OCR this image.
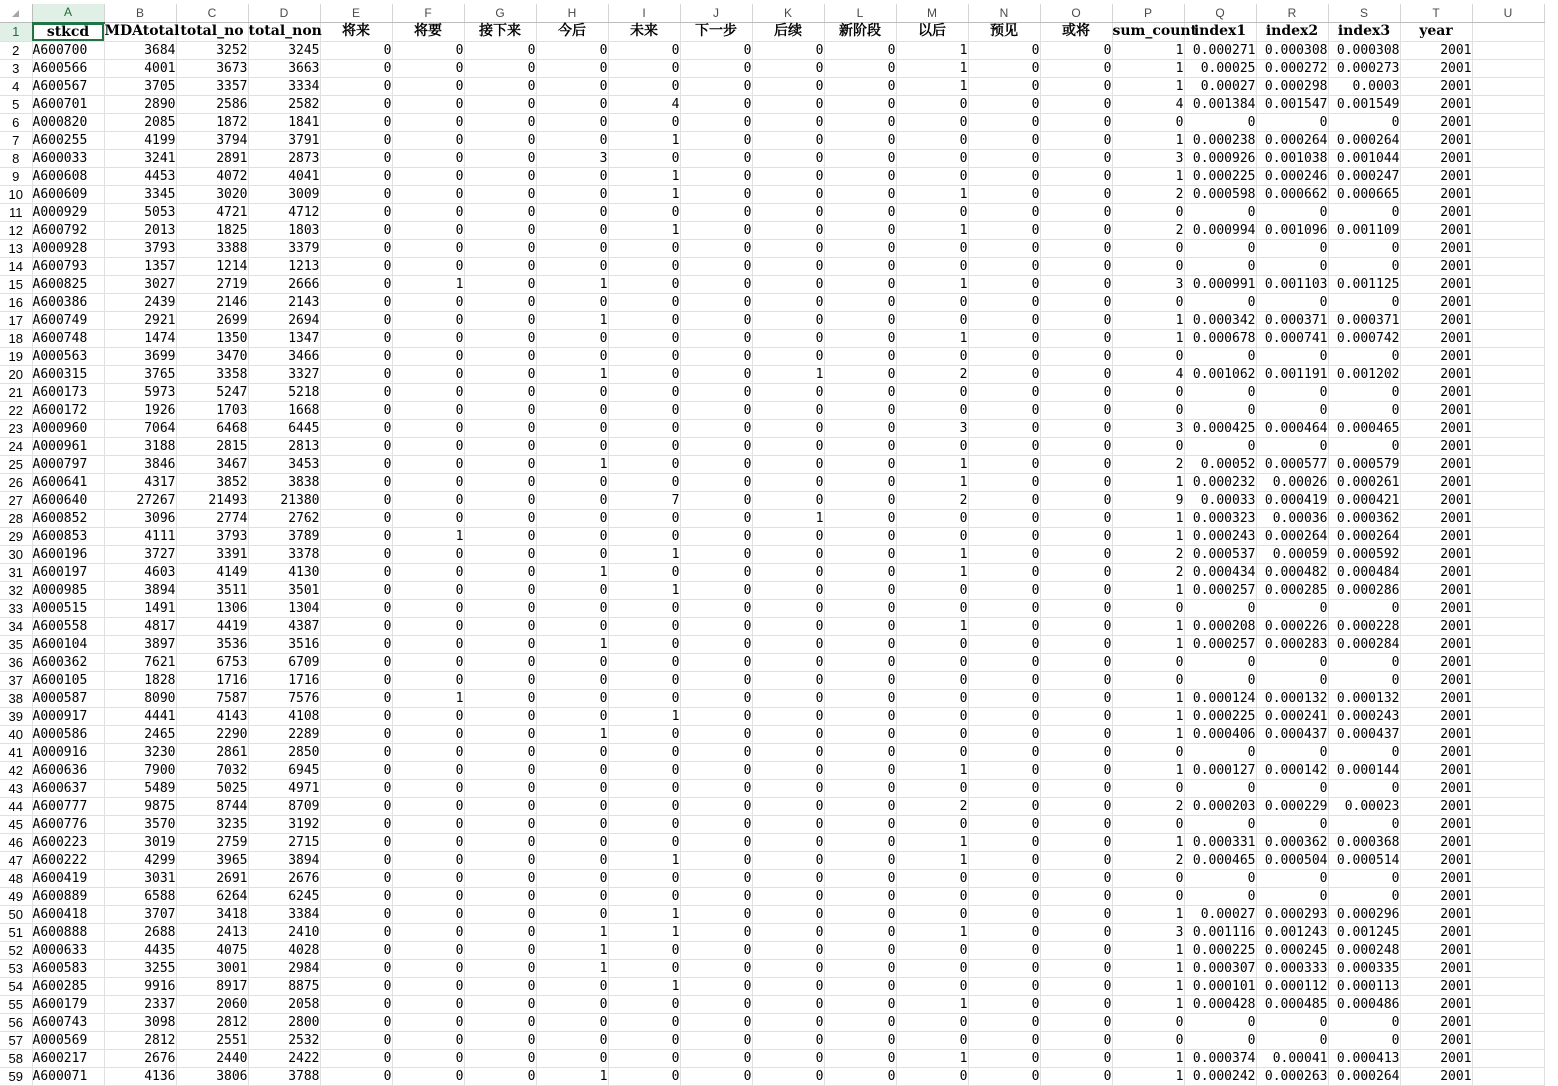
	A	B	C	D	E	F	G	H	I	J	K	L	M	N	O	P	Q	R	S	T	U
1	stkcd	MDAtotal	total_no	total_non	将来	将要	接下来	今后	未来	下一步	后续	新阶段	以后	预见	或将	sum_count	index1	index2	index3	year	
2	A600700	3684	3252	3245	0	0	0	0	0	0	0	0	1	0	0	1	0.000271	0.000308	0.000308	2001	
3	A600566	4001	3673	3663	0	0	0	0	0	0	0	0	1	0	0	1	0.00025	0.000272	0.000273	2001	
4	A600567	3705	3357	3334	0	0	0	0	0	0	0	0	1	0	0	1	0.00027	0.000298	0.0003	2001	
5	A600701	2890	2586	2582	0	0	0	0	4	0	0	0	0	0	0	4	0.001384	0.001547	0.001549	2001	
6	A000820	2085	1872	1841	0	0	0	0	0	0	0	0	0	0	0	0	0	0	0	2001	
7	A600255	4199	3794	3791	0	0	0	0	1	0	0	0	0	0	0	1	0.000238	0.000264	0.000264	2001	
8	A600033	3241	2891	2873	0	0	0	3	0	0	0	0	0	0	0	3	0.000926	0.001038	0.001044	2001	
9	A600608	4453	4072	4041	0	0	0	0	1	0	0	0	0	0	0	1	0.000225	0.000246	0.000247	2001	
10	A600609	3345	3020	3009	0	0	0	0	1	0	0	0	1	0	0	2	0.000598	0.000662	0.000665	2001	
11	A000929	5053	4721	4712	0	0	0	0	0	0	0	0	0	0	0	0	0	0	0	2001	
12	A600792	2013	1825	1803	0	0	0	0	1	0	0	0	1	0	0	2	0.000994	0.001096	0.001109	2001	
13	A000928	3793	3388	3379	0	0	0	0	0	0	0	0	0	0	0	0	0	0	0	2001	
14	A600793	1357	1214	1213	0	0	0	0	0	0	0	0	0	0	0	0	0	0	0	2001	
15	A600825	3027	2719	2666	0	1	0	1	0	0	0	0	1	0	0	3	0.000991	0.001103	0.001125	2001	
16	A600386	2439	2146	2143	0	0	0	0	0	0	0	0	0	0	0	0	0	0	0	2001	
17	A600749	2921	2699	2694	0	0	0	1	0	0	0	0	0	0	0	1	0.000342	0.000371	0.000371	2001	
18	A600748	1474	1350	1347	0	0	0	0	0	0	0	0	1	0	0	1	0.000678	0.000741	0.000742	2001	
19	A000563	3699	3470	3466	0	0	0	0	0	0	0	0	0	0	0	0	0	0	0	2001	
20	A600315	3765	3358	3327	0	0	0	1	0	0	1	0	2	0	0	4	0.001062	0.001191	0.001202	2001	
21	A600173	5973	5247	5218	0	0	0	0	0	0	0	0	0	0	0	0	0	0	0	2001	
22	A600172	1926	1703	1668	0	0	0	0	0	0	0	0	0	0	0	0	0	0	0	2001	
23	A000960	7064	6468	6445	0	0	0	0	0	0	0	0	3	0	0	3	0.000425	0.000464	0.000465	2001	
24	A000961	3188	2815	2813	0	0	0	0	0	0	0	0	0	0	0	0	0	0	0	2001	
25	A000797	3846	3467	3453	0	0	0	1	0	0	0	0	1	0	0	2	0.00052	0.000577	0.000579	2001	
26	A600641	4317	3852	3838	0	0	0	0	0	0	0	0	1	0	0	1	0.000232	0.00026	0.000261	2001	
27	A600640	27267	21493	21380	0	0	0	0	7	0	0	0	2	0	0	9	0.00033	0.000419	0.000421	2001	
28	A600852	3096	2774	2762	0	0	0	0	0	0	1	0	0	0	0	1	0.000323	0.00036	0.000362	2001	
29	A600853	4111	3793	3789	0	1	0	0	0	0	0	0	0	0	0	1	0.000243	0.000264	0.000264	2001	
30	A600196	3727	3391	3378	0	0	0	0	1	0	0	0	1	0	0	2	0.000537	0.00059	0.000592	2001	
31	A600197	4603	4149	4130	0	0	0	1	0	0	0	0	1	0	0	2	0.000434	0.000482	0.000484	2001	
32	A000985	3894	3511	3501	0	0	0	0	1	0	0	0	0	0	0	1	0.000257	0.000285	0.000286	2001	
33	A000515	1491	1306	1304	0	0	0	0	0	0	0	0	0	0	0	0	0	0	0	2001	
34	A600558	4817	4419	4387	0	0	0	0	0	0	0	0	1	0	0	1	0.000208	0.000226	0.000228	2001	
35	A600104	3897	3536	3516	0	0	0	1	0	0	0	0	0	0	0	1	0.000257	0.000283	0.000284	2001	
36	A600362	7621	6753	6709	0	0	0	0	0	0	0	0	0	0	0	0	0	0	0	2001	
37	A600105	1828	1716	1716	0	0	0	0	0	0	0	0	0	0	0	0	0	0	0	2001	
38	A000587	8090	7587	7576	0	1	0	0	0	0	0	0	0	0	0	1	0.000124	0.000132	0.000132	2001	
39	A000917	4441	4143	4108	0	0	0	0	1	0	0	0	0	0	0	1	0.000225	0.000241	0.000243	2001	
40	A000586	2465	2290	2289	0	0	0	1	0	0	0	0	0	0	0	1	0.000406	0.000437	0.000437	2001	
41	A000916	3230	2861	2850	0	0	0	0	0	0	0	0	0	0	0	0	0	0	0	2001	
42	A600636	7900	7032	6945	0	0	0	0	0	0	0	0	1	0	0	1	0.000127	0.000142	0.000144	2001	
43	A600637	5489	5025	4971	0	0	0	0	0	0	0	0	0	0	0	0	0	0	0	2001	
44	A600777	9875	8744	8709	0	0	0	0	0	0	0	0	2	0	0	2	0.000203	0.000229	0.00023	2001	
45	A600776	3570	3235	3192	0	0	0	0	0	0	0	0	0	0	0	0	0	0	0	2001	
46	A600223	3019	2759	2715	0	0	0	0	0	0	0	0	1	0	0	1	0.000331	0.000362	0.000368	2001	
47	A600222	4299	3965	3894	0	0	0	0	1	0	0	0	1	0	0	2	0.000465	0.000504	0.000514	2001	
48	A600419	3031	2691	2676	0	0	0	0	0	0	0	0	0	0	0	0	0	0	0	2001	
49	A600889	6588	6264	6245	0	0	0	0	0	0	0	0	0	0	0	0	0	0	0	2001	
50	A600418	3707	3418	3384	0	0	0	0	1	0	0	0	0	0	0	1	0.00027	0.000293	0.000296	2001	
51	A600888	2688	2413	2410	0	0	0	1	1	0	0	0	1	0	0	3	0.001116	0.001243	0.001245	2001	
52	A000633	4435	4075	4028	0	0	0	1	0	0	0	0	0	0	0	1	0.000225	0.000245	0.000248	2001	
53	A600583	3255	3001	2984	0	0	0	1	0	0	0	0	0	0	0	1	0.000307	0.000333	0.000335	2001	
54	A600285	9916	8917	8875	0	0	0	0	1	0	0	0	0	0	0	1	0.000101	0.000112	0.000113	2001	
55	A600179	2337	2060	2058	0	0	0	0	0	0	0	0	1	0	0	1	0.000428	0.000485	0.000486	2001	
56	A600743	3098	2812	2800	0	0	0	0	0	0	0	0	0	0	0	0	0	0	0	2001	
57	A000569	2812	2551	2532	0	0	0	0	0	0	0	0	0	0	0	0	0	0	0	2001	
58	A600217	2676	2440	2422	0	0	0	0	0	0	0	0	1	0	0	1	0.000374	0.00041	0.000413	2001	
59	A600071	4136	3806	3788	0	0	0	1	0	0	0	0	0	0	0	1	0.000242	0.000263	0.000264	2001	
